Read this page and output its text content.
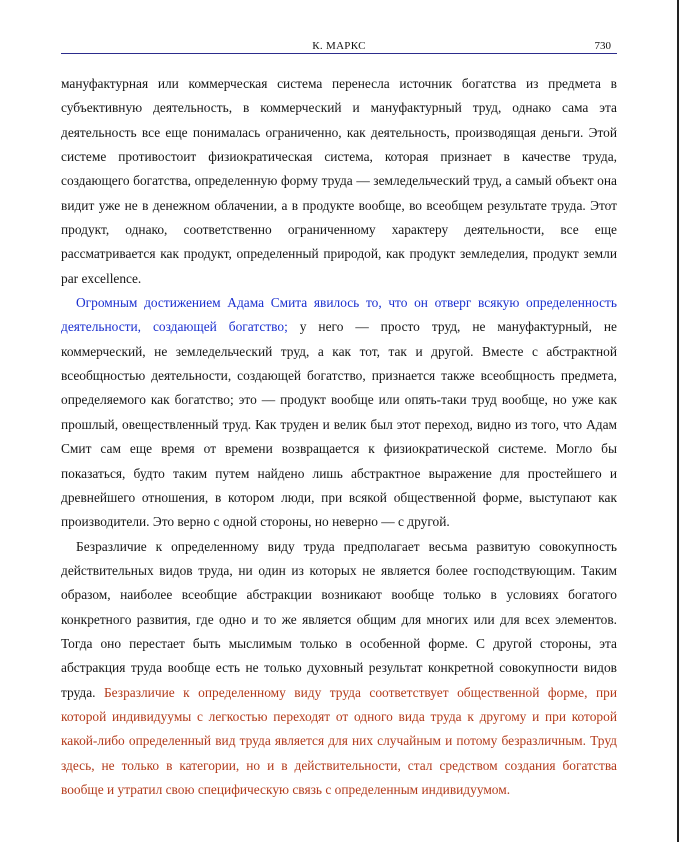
К. МАРКС	730

мануфактурная или коммерческая система перенесла источник богатства из предмета в субъективную деятельность, в коммерческий и мануфактурный труд, однако сама эта деятельность все еще понималась ограниченно, как деятельность, производящая деньги. Этой системе противостоит физиократическая система, которая признает в качестве труда, создающего богатства, определенную форму труда — земледельческий труд, а самый объект она видит уже не в денежном облачении, а в продукте вообще, во всеобщем результате труда. Этот продукт, однако, соответственно ограниченному характеру деятельности, все еще рассматривается как продукт, определенный природой, как продукт земледелия, продукт земли par excellence.

Огромным достижением Адама Смита явилось то, что он отверг всякую определенность деятельности, создающей богатство; у него — просто труд, не мануфактурный, не коммерческий, не земледельческий труд, а как тот, так и другой. Вместе с абстрактной всеобщностью деятельности, создающей богатство, признается также всеобщность предмета, определяемого как богатство; это — продукт вообще или опять-таки труд вообще, но уже как прошлый, овеществленный труд. Как труден и велик был этот переход, видно из того, что Адам Смит сам еще время от времени возвращается к физиократической системе. Могло бы показаться, будто таким путем найдено лишь абстрактное выражение для простейшего и древнейшего отношения, в котором люди, при всякой общественной форме, выступают как производители. Это верно с одной стороны, но неверно — с другой.

Безразличие к определенному виду труда предполагает весьма развитую совокупность действительных видов труда, ни один из которых не является более господствующим. Таким образом, наиболее всеобщие абстракции возникают вообще только в условиях богатого конкретного развития, где одно и то же является общим для многих или для всех элементов. Тогда оно перестает быть мыслимым только в особенной форме. С другой стороны, эта абстракция труда вообще есть не только духовный результат конкретной совокупности видов труда. Безразличие к определенному виду труда соответствует общественной форме, при которой индивидуумы с легкостью переходят от одного вида труда к другому и при которой какой-либо определенный вид труда является для них случайным и потому безразличным. Труд здесь, не только в категории, но и в действительности, стал средством создания богатства вообще и утратил свою специфическую связь с определенным индивидуумом.
